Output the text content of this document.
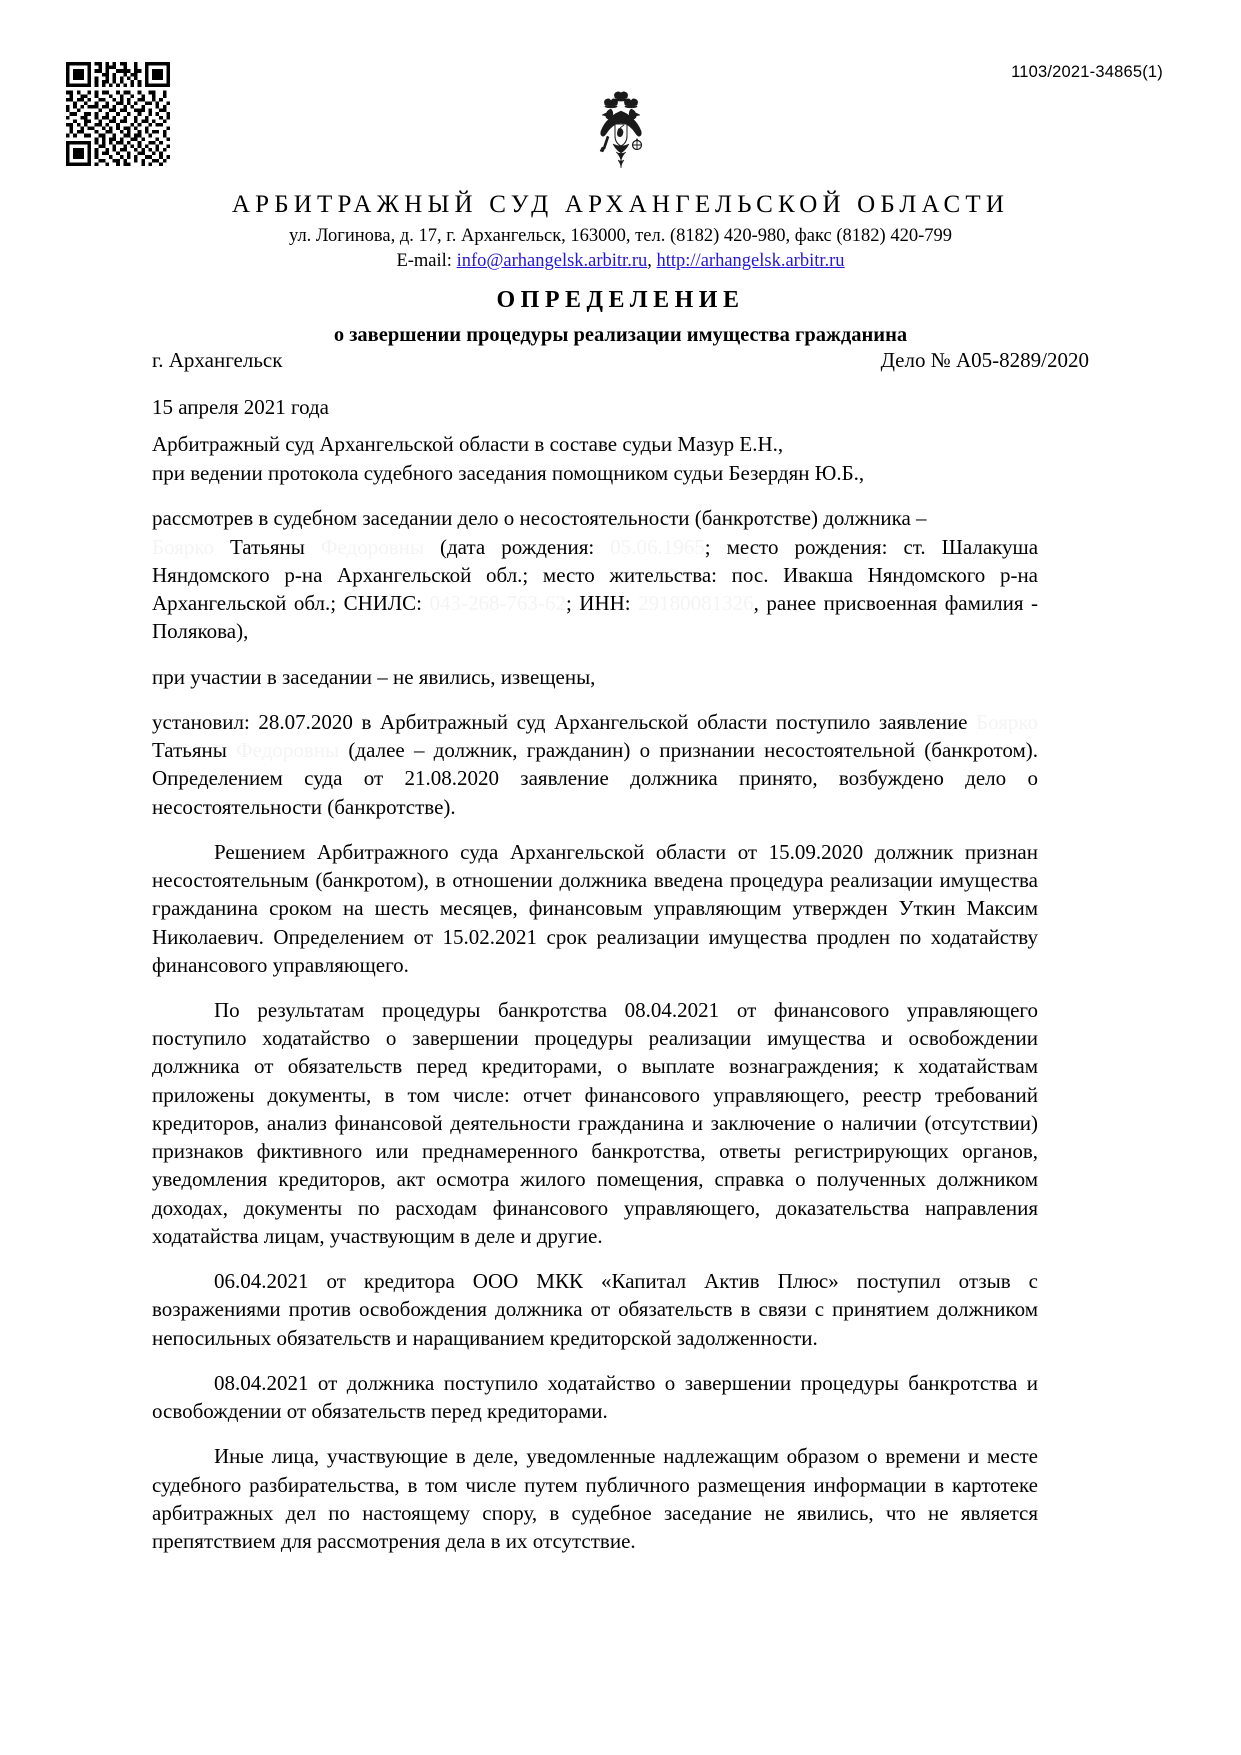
1103/2021-34865(1)
АРБИТРАЖНЫЙ СУД АРХАНГЕЛЬСКОЙ ОБЛАСТИ
ул. Логинова, д. 17, г. Архангельск, 163000, тел. (8182) 420-980, факс (8182) 420-799
E-mail: info@arhangelsk.arbitr.ru, http://arhangelsk.arbitr.ru
ОПРЕДЕЛЕНИЕ
о завершении процедуры реализации имущества гражданина
г. Архангельск	Дело № А05-8289/2020
15 апреля 2021 года

Арбитражный суд Архангельской области в составе судьи Мазур Е.Н.,

при ведении протокола судебного заседания помощником судьи Безердян Ю.Б.,

рассмотрев в судебном заседании дело о несостоятельности (банкротстве) должника –

Боярко Татьяны Федоровны (дата рождения: 05.06.1965; место рождения: ст. Шалакуша Няндомского р-на Архангельской обл.; место жительства: пос. Ивакша Няндомского р-на Архангельской обл.; СНИЛС: 043-268-763-62; ИНН: 29180081326, ранее присвоенная фамилия - Полякова),

при участии в заседании – не явились, извещены,

установил: 28.07.2020 в Арбитражный суд Архангельской области поступило заявление Боярко Татьяны Федоровны (далее – должник, гражданин) о признании несостоятельной (банкротом). Определением суда от 21.08.2020 заявление должника принято, возбуждено дело о несостоятельности (банкротстве).

Решением Арбитражного суда Архангельской области от 15.09.2020 должник признан несостоятельным (банкротом), в отношении должника введена процедура реализации имущества гражданина сроком на шесть месяцев, финансовым управляющим утвержден Уткин Максим Николаевич. Определением от 15.02.2021 срок реализации имущества продлен по ходатайству финансового управляющего.

По результатам процедуры банкротства 08.04.2021 от финансового управляющего поступило ходатайство о завершении процедуры реализации имущества и освобождении должника от обязательств перед кредиторами, о выплате вознаграждения; к ходатайствам приложены документы, в том числе: отчет финансового управляющего, реестр требований кредиторов, анализ финансовой деятельности гражданина и заключение о наличии (отсутствии) признаков фиктивного или преднамеренного банкротства, ответы регистрирующих органов, уведомления кредиторов, акт осмотра жилого помещения, справка о полученных должником доходах, документы по расходам финансового управляющего, доказательства направления ходатайства лицам, участвующим в деле и другие.

06.04.2021 от кредитора ООО МКК «Капитал Актив Плюс» поступил отзыв с возражениями против освобождения должника от обязательств в связи с принятием должником непосильных обязательств и наращиванием кредиторской задолженности.

08.04.2021 от должника поступило ходатайство о завершении процедуры банкротства и освобождении от обязательств перед кредиторами.

Иные лица, участвующие в деле, уведомленные надлежащим образом о времени и месте судебного разбирательства, в том числе путем публичного размещения информации в картотеке арбитражных дел по настоящему спору, в судебное заседание не явились, что не является препятствием для рассмотрения дела в их отсутствие.
